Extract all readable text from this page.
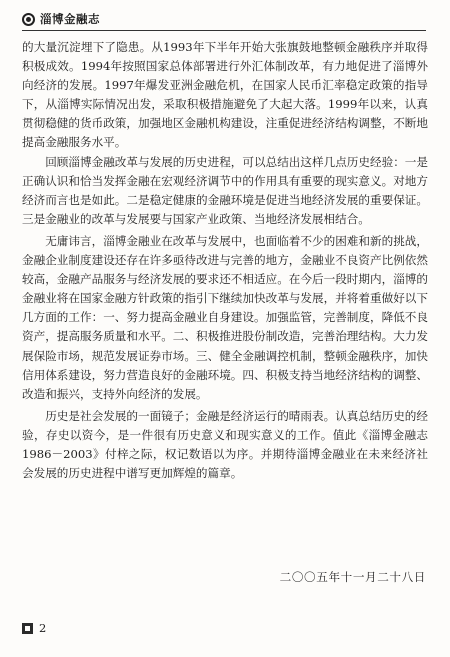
淄博金融志

的大量沉淀埋下了隐患。从1993年下半年开始大张旗鼓地整顿金融秩序并取得积极成效。1994年按照国家总体部署进行外汇体制改革，有力地促进了淄博外向经济的发展。1997年爆发亚洲金融危机，在国家人民币汇率稳定政策的指导下，从淄博实际情况出发，采取积极措施避免了大起大落。1999年以来，认真贯彻稳健的货币政策，加强地区金融机构建设，注重促进经济结构调整，不断地提高金融服务水平。

回顾淄博金融改革与发展的历史进程，可以总结出这样几点历史经验：一是正确认识和恰当发挥金融在宏观经济调节中的作用具有重要的现实意义。对地方经济而言也是如此。二是稳定健康的金融环境是促进当地经济发展的重要保证。三是金融业的改革与发展要与国家产业政策、当地经济发展相结合。

无庸讳言，淄博金融业在改革与发展中，也面临着不少的困难和新的挑战，金融企业制度建设还存在许多亟待改进与完善的地方，金融业不良资产比例依然较高，金融产品服务与经济发展的要求还不相适应。在今后一段时期内，淄博的金融业将在国家金融方针政策的指引下继续加快改革与发展，并将着重做好以下几方面的工作：一、努力提高金融业自身建设。加强监管，完善制度，降低不良资产，提高服务质量和水平。二、积极推进股份制改造，完善治理结构。大力发展保险市场，规范发展证券市场。三、健全金融调控机制，整顿金融秩序，加快信用体系建设，努力营造良好的金融环境。四、积极支持当地经济结构的调整、改造和振兴，支持外向经济的发展。

历史是社会发展的一面镜子；金融是经济运行的晴雨表。认真总结历史的经验，存史以资今，是一件很有历史意义和现实意义的工作。值此《淄博金融志1986－2003》付梓之际，权记数语以为序。并期待淄博金融业在未来经济社会发展的历史进程中谱写更加辉煌的篇章。

二〇〇五年十一月二十八日
2
